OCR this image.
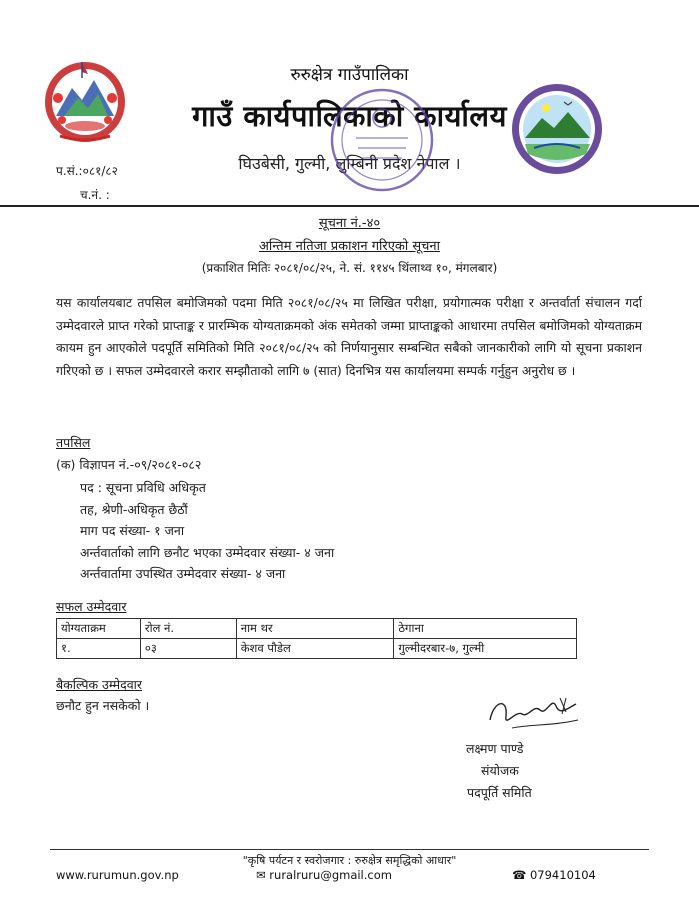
रुरुक्षेत्र गाउँपालिका
गाउँ कार्यपालिकाको कार्यालय
घिउबेसी, गुल्मी, लुम्बिनी प्रदेश नेपाल ।
प.सं.:०८१/८२
च.नं. :
सूचना नं.-४०
अन्तिम नतिजा प्रकाशन गरिएको सूचना
(प्रकाशित मितिः २०८१/०८/२५, ने. सं. ११४५ थिंलाथ्व १०, मंगलबार)
यस कार्यालयबाट तपसिल बमोजिमको पदमा मिति २०८१/०८/२५ मा लिखित परीक्षा, प्रयोगात्मक परीक्षा र अन्तर्वार्ता संचालन गर्दा उम्मेदवारले प्राप्त गरेको प्राप्ताङ्क र प्रारम्भिक योग्यताक्रमको अंक समेतको जम्मा प्राप्ताङ्कको आधारमा तपसिल बमोजिमको योग्यताक्रम कायम हुन आएकोले पदपूर्ति समितिको मिति २०८१/०८/२५ को निर्णयानुसार सम्बन्धित सबैको जानकारीको लागि यो सूचना प्रकाशन गरिएको छ । सफल उम्मेदवारले करार सम्झौताको लागि ७ (सात) दिनभित्र यस कार्यालयमा सम्पर्क गर्नुहुन अनुरोध छ ।
तपसिल
(क) विज्ञापन नं.-०९/२०८१-०८२
पद : सूचना प्रविधि अधिकृत
तह, श्रेणी-अधिकृत छैठौं
माग पद संख्या- १ जना
अर्न्तवार्ताको लागि छनौट भएका उम्मेदवार संख्या- ४ जना
अर्न्तवार्तामा उपस्थित उम्मेदवार संख्या- ४ जना
सफल उम्मेदवार
योग्यताक्रम	रोल नं.	नाम थर	ठेगाना
१.	०३	केशव पौडेल	गुल्मीदरबार-७, गुल्मी
बैकल्पिक उम्मेदवार
छनौट हुन नसकेको ।
लक्ष्मण पाण्डे
संयोजक
पदपूर्ति समिति
"कृषि पर्यटन र स्वरोजगार : रुरुक्षेत्र समृद्धिको आधार"
www.rurumun.gov.np	✉ ruralruru@gmail.com	☎ 079410104
